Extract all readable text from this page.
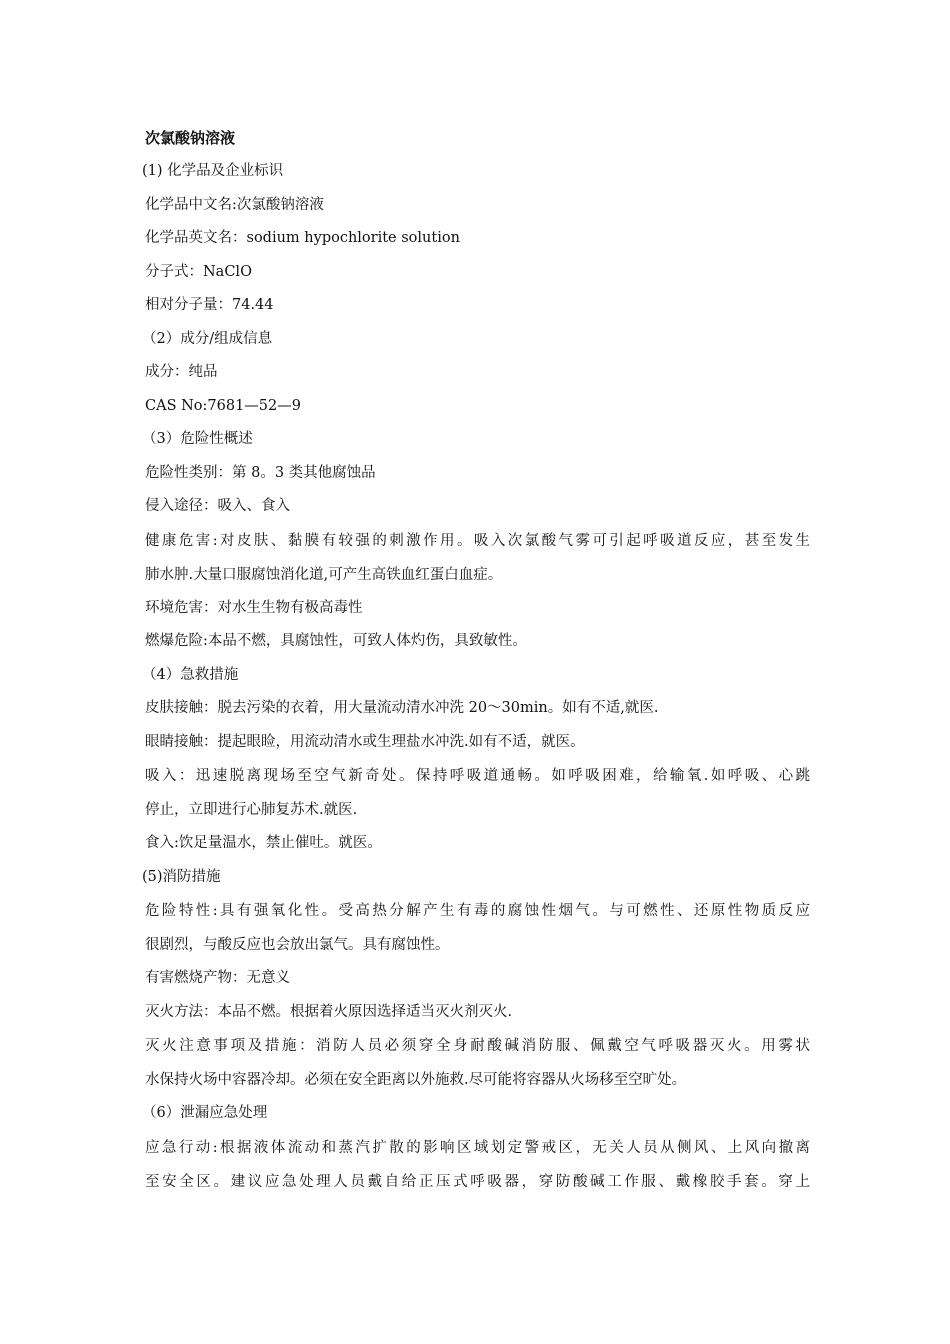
次氯酸钠溶液
(1) 化学品及企业标识
化学品中文名:次氯酸钠溶液
化学品英文名：sodium hypochlorite solution
分子式：NaClO
相对分子量：74.44
（2）成分/组成信息
成分：纯品
CAS No:7681—52—9
（3）危险性概述
危险性类别：第 8。3 类其他腐蚀品
侵入途径：吸入、食入
健康危害:对皮肤、黏膜有较强的刺激作用。吸入次氯酸气雾可引起呼吸道反应，甚至发生
肺水肿.大量口服腐蚀消化道,可产生高铁血红蛋白血症。
环境危害：对水生生物有极高毒性
燃爆危险:本品不燃，具腐蚀性，可致人体灼伤，具致敏性。
（4）急救措施
皮肤接触：脱去污染的衣着，用大量流动清水冲洗 20～30min。如有不适,就医.
眼睛接触：提起眼睑，用流动清水或生理盐水冲洗.如有不适，就医。
吸入：迅速脱离现场至空气新奇处。保持呼吸道通畅。如呼吸困难，给输氧.如呼吸、心跳
停止，立即进行心肺复苏术.就医.
食入:饮足量温水，禁止催吐。就医。
(5)消防措施
危险特性:具有强氧化性。受高热分解产生有毒的腐蚀性烟气。与可燃性、还原性物质反应
很剧烈，与酸反应也会放出氯气。具有腐蚀性。
有害燃烧产物：无意义
灭火方法：本品不燃。根据着火原因选择适当灭火剂灭火.
灭火注意事项及措施：消防人员必须穿全身耐酸碱消防服、佩戴空气呼吸器灭火。用雾状
水保持火场中容器冷却。必须在安全距离以外施救.尽可能将容器从火场移至空旷处。
（6）泄漏应急处理
应急行动:根据液体流动和蒸汽扩散的影响区域划定警戒区，无关人员从侧风、上风向撤离
至安全区。建议应急处理人员戴自给正压式呼吸器，穿防酸碱工作服、戴橡胶手套。穿上
